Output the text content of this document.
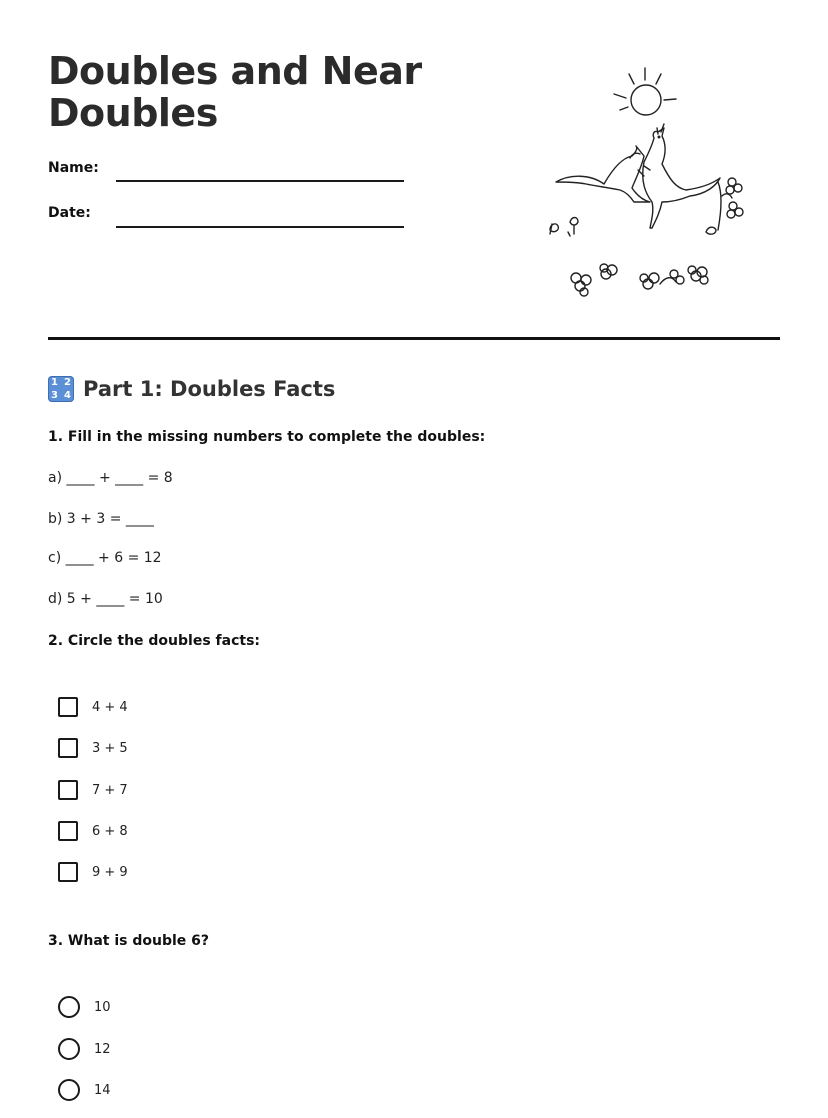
Doubles and Near Doubles
Name:
Date:
1 2
3 4 Part 1: Doubles Facts
1. Fill in the missing numbers to complete the doubles:
a) ____ + ____ = 8
b) 3 + 3 = ____
c) ____ + 6 = 12
d) 5 + ____ = 10
2. Circle the doubles facts:
4 + 4
3 + 5
7 + 7
6 + 8
9 + 9
3. What is double 6?
10
12
14
